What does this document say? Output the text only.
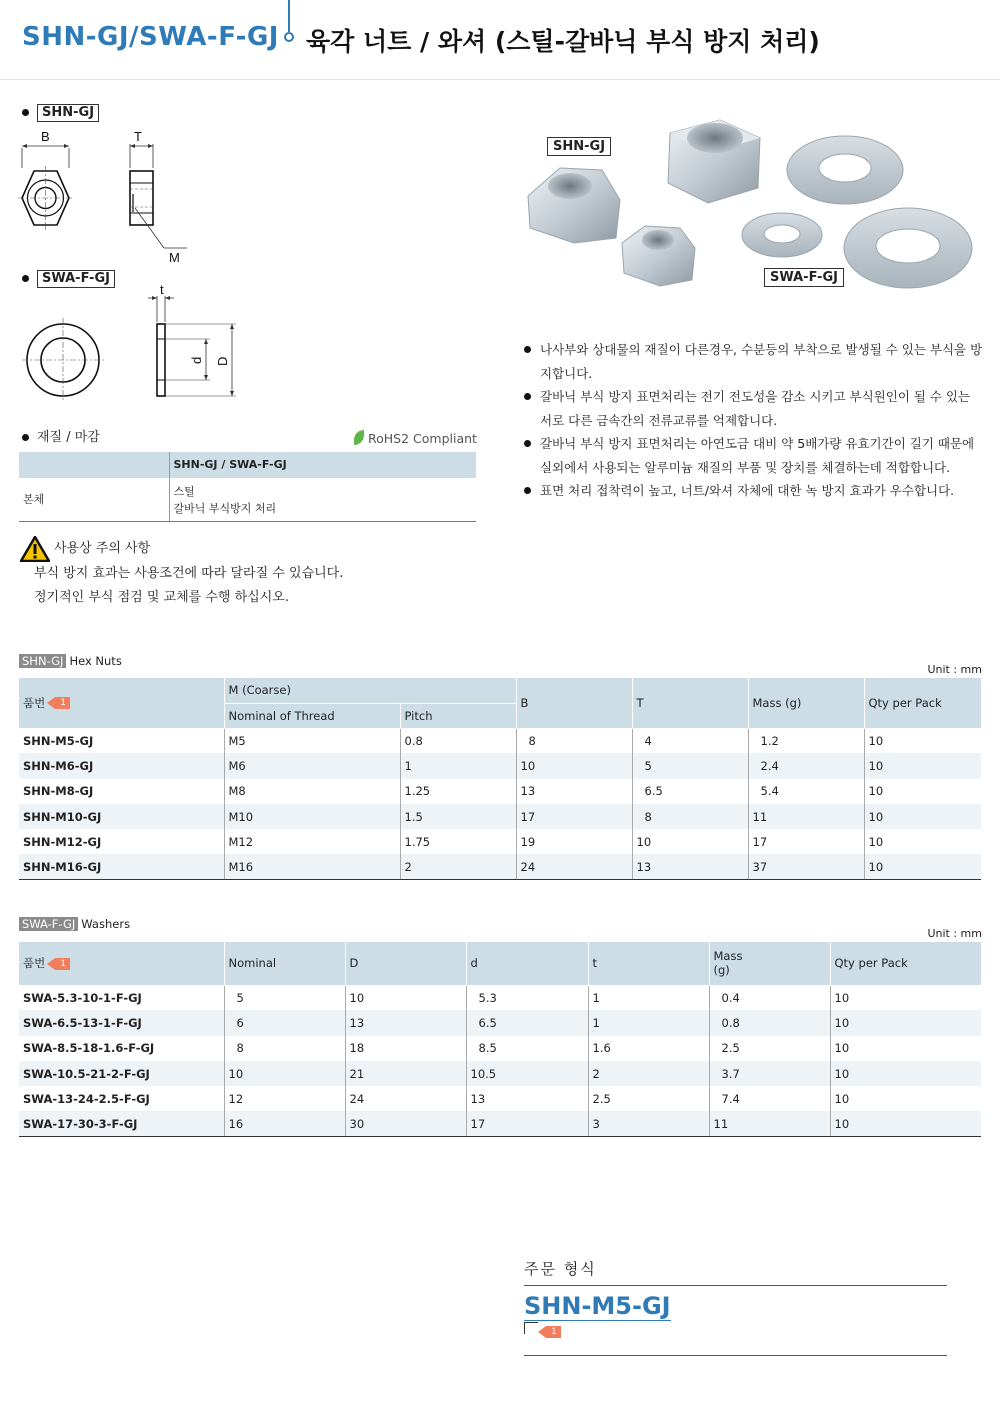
SHN-GJ/SWA-F-GJ 육각 너트 / 와셔 (스틸-갈바닉 부식 방지 처리)
SHN-GJ
SWA-F-GJ
B	T
M
t
d D
SHN-GJ
SWA-F-GJ
나사부와 상대물의 재질이 다른경우, 수분등의 부착으로 발생될 수 있는 부식을 방지합니다.
갈바닉 부식 방지 표면처리는 전기 전도성을 감소 시키고 부식원인이 될 수 있는 서로 다른 금속간의 전류교류를 억제합니다.
갈바닉 부식 방지 표면처리는 아연도금 대비 약 5배가량 유효기간이 길기 때문에 실외에서 사용되는 알루미늄 재질의 부품 및 장치를 체결하는데 적합합니다.
표면 처리 접착력이 높고, 너트/와셔 자체에 대한 녹 방지 효과가 우수합니다.
재질 / 마감	RoHS2 Compliant
	SHN-GJ / SWA-F-GJ
본체	스틸
갈바닉 부식방지 처리
사용상 주의 사항
부식 방지 효과는 사용조건에 따라 달라질 수 있습니다.
정기적인 부식 점검 및 교체를 수행 하십시오.
SHN-GJ Hex Nuts
Unit : mm
품번 1	M (Coarse)		B	T	Mass (g)	Qty per Pack
	Nominal of Thread	Pitch				
SHN-M5-GJ	M5	0.8	8	4	1.2	10
SHN-M6-GJ	M6	1	10	5	2.4	10
SHN-M8-GJ	M8	1.25	13	6.5	5.4	10
SHN-M10-GJ	M10	1.5	17	8	11	10
SHN-M12-GJ	M12	1.75	19	10	17	10
SHN-M16-GJ	M16	2	24	13	37	10
SWA-F-GJ Washers
Unit : mm
품번 1	Nominal	D	d	t	Mass
(g)	Qty per Pack
SWA-5.3-10-1-F-GJ	5	10	5.3	1	0.4	10
SWA-6.5-13-1-F-GJ	6	13	6.5	1	0.8	10
SWA-8.5-18-1.6-F-GJ	8	18	8.5	1.6	2.5	10
SWA-10.5-21-2-F-GJ	10	21	10.5	2	3.7	10
SWA-13-24-2.5-F-GJ	12	24	13	2.5	7.4	10
SWA-17-30-3-F-GJ	16	30	17	3	11	10
주문 형식
SHN-M5-GJ
1
